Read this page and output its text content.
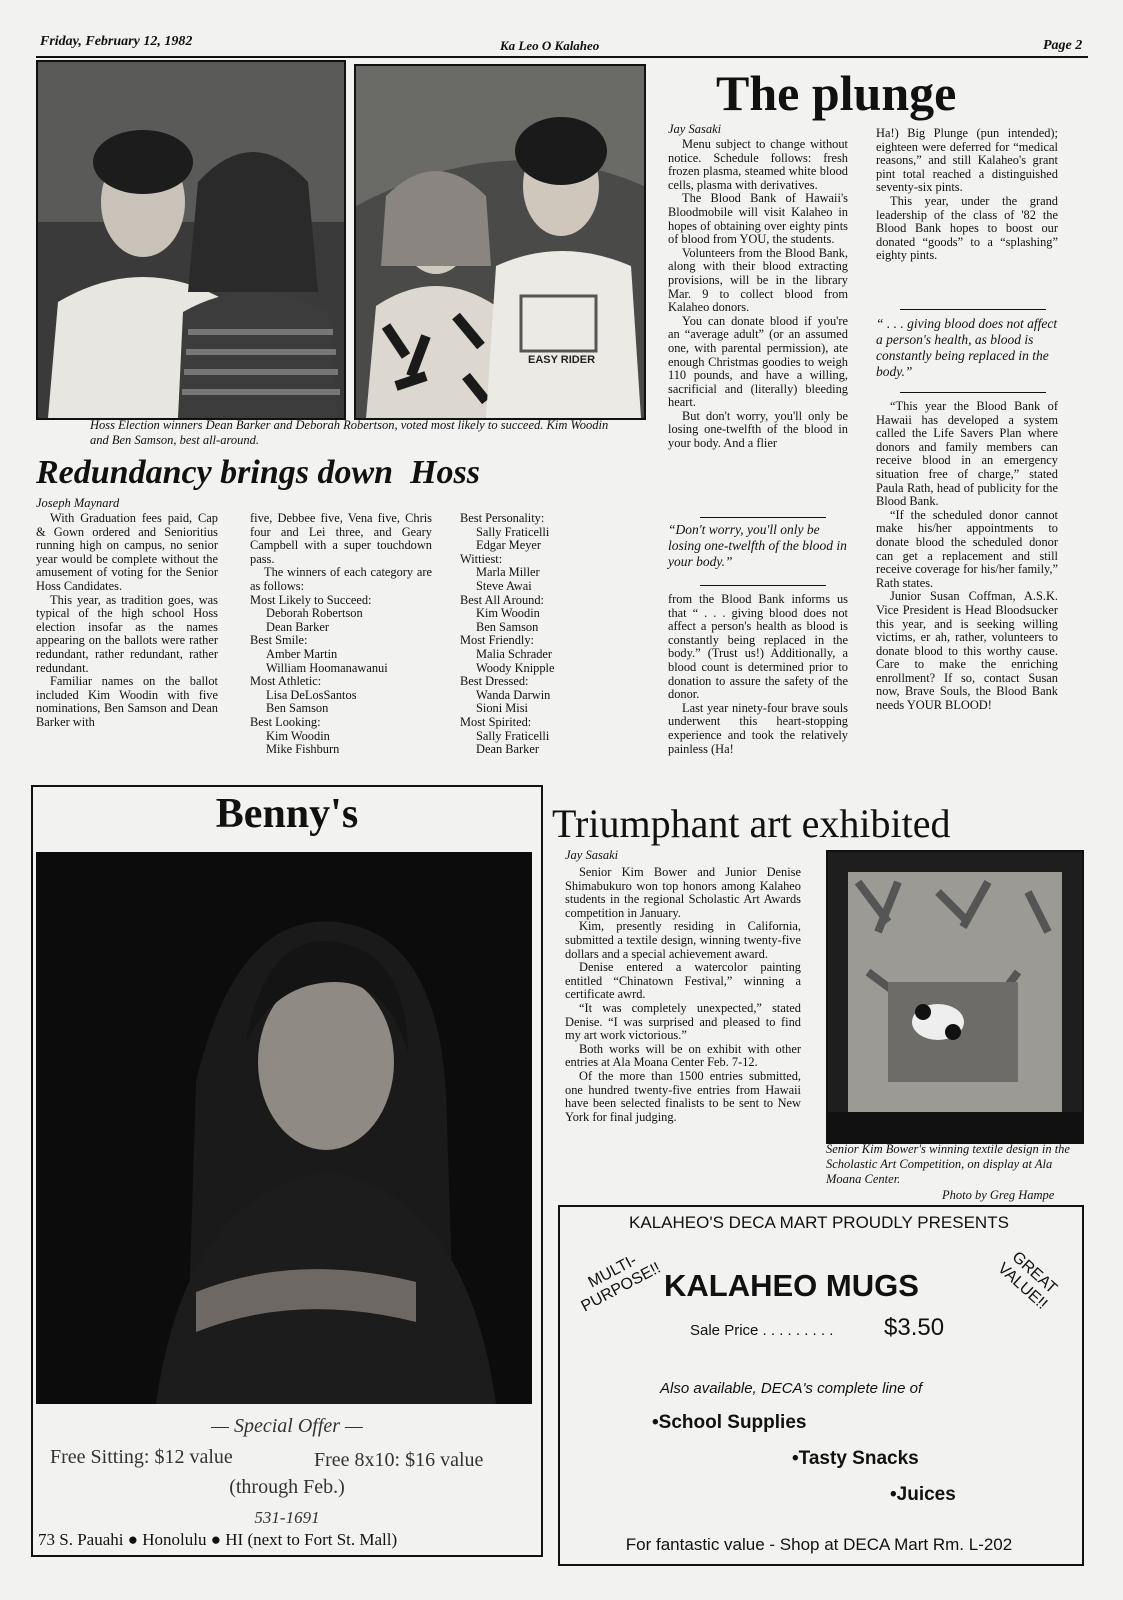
Friday, February 12, 1982	Ka Leo O Kalaheo	Page 2
EASY RIDER
Hoss Election winners Dean Barker and Deborah Robertson, voted most likely to succeed. Kim Woodin and Ben Samson, best all-around.
Redundancy brings down  Hoss
Joseph Maynard

With Graduation fees paid, Cap & Gown ordered and Senioritius running high on campus, no senior year would be complete without the amusement of voting for the Senior Hoss Candidates.

This year, as tradition goes, was typical of the high school Hoss election insofar as the names appearing on the ballots were rather redundant, rather redundant, rather redundant.

Familiar names on the ballot included Kim Woodin with five nominations, Ben Samson and Dean Barker with

five, Debbee five, Vena five, Chris four and Lei three, and Geary Campbell with a super touchdown pass.

The winners of each category are as follows:

Most Likely to Succeed:
Deborah Robertson
Dean Barker
Best Smile:
Amber Martin
William Hoomanawanui
Most Athletic:
Lisa DeLosSantos
Ben Samson
Best Looking:
Kim Woodin
Mike Fishburn
Best Personality:
Sally Fraticelli
Edgar Meyer
Wittiest:
Marla Miller
Steve Awai
Best All Around:
Kim Woodin
Ben Samson
Most Friendly:
Malia Schrader
Woody Knipple
Best Dressed:
Wanda Darwin
Sioni Misi
Most Spirited:
Sally Fraticelli
Dean Barker
The plunge
Jay Sasaki

Menu subject to change without notice. Schedule follows: fresh frozen plasma, steamed white blood cells, plasma with derivatives.

The Blood Bank of Hawaii's Bloodmobile will visit Kalaheo in hopes of obtaining over eighty pints of blood from YOU, the students.

Volunteers from the Blood Bank, along with their blood extracting provisions, will be in the library Mar. 9 to collect blood from Kalaheo donors.

You can donate blood if you're an “average adult” (or an assumed one, with parental permission), ate enough Christmas goodies to weigh 110 pounds, and have a willing, sacrificial and (literally) bleeding heart.

But don't worry, you'll only be losing one-twelfth of the blood in your body. And a flier

“Don't worry, you'll only be losing one-twelfth of the blood in your body.”

from the Blood Bank informs us that “ . . . giving blood does not affect a person's health as blood is constantly being replaced in the body.” (Trust us!) Additionally, a blood count is determined prior to donation to assure the safety of the donor.

Last year ninety-four brave souls underwent this heart-stopping experience and took the relatively painless (Ha!

Ha!) Big Plunge (pun intended); eighteen were deferred for “medical reasons,” and still Kalaheo's grant pint total reached a distinguished seventy-six pints.

This year, under the grand leadership of the class of '82 the Blood Bank hopes to boost our donated “goods” to a “splashing” eighty pints.

“ . . . giving blood does not affect a person's health, as blood is constantly being replaced in the body.”

“This year the Blood Bank of Hawaii has developed a system called the Life Savers Plan where donors and family members can receive blood in an emergency situation free of charge,” stated Paula Rath, head of publicity for the Blood Bank.

“If the scheduled donor cannot make his/her appointments to donate blood the scheduled donor can get a replacement and still receive coverage for his/her family,” Rath states.

Junior Susan Coffman, A.S.K. Vice President is Head Bloodsucker this year, and is seeking willing victims, er ah, rather, volunteers to donate blood to this worthy cause. Care to make the enriching enrollment? If so, contact Susan now, Brave Souls, the Blood Bank needs YOUR BLOOD!

Benny's
— Special Offer —
Free Sitting: $12 value	Free 8x10: $16 value
(through Feb.)
531-1691
73 S. Pauahi ● Honolulu ● HI (next to Fort St. Mall)
Triumphant art exhibited
Jay Sasaki

Senior Kim Bower and Junior Denise Shimabukuro won top honors among Kalaheo students in the regional Scholastic Art Awards competition in January.

Kim, presently residing in California, submitted a textile design, winning twenty-five dollars and a special achievement award.

Denise entered a watercolor painting entitled “Chinatown Festival,” winning a certificate awrd.

“It was completely unexpected,” stated Denise. “I was surprised and pleased to find my art work victorious.”

Both works will be on exhibit with other entries at Ala Moana Center Feb. 7-12.

Of the more than 1500 entries submitted, one hundred twenty-five entries from Hawaii have been selected finalists to be sent to New York for final judging.

Senior Kim Bower's winning textile design in the Scholastic Art Competition, on display at Ala Moana Center.
Photo by Greg Hampe
KALAHEO'S DECA MART PROUDLY PRESENTS
MULTI-PURPOSE!!	GREAT VALUE!!
KALAHEO MUGS
Sale Price . . . . . . . . . $3.50
Also available, DECA's complete line of
•School Supplies
•Tasty Snacks
•Juices
For fantastic value - Shop at DECA Mart Rm. L-202
